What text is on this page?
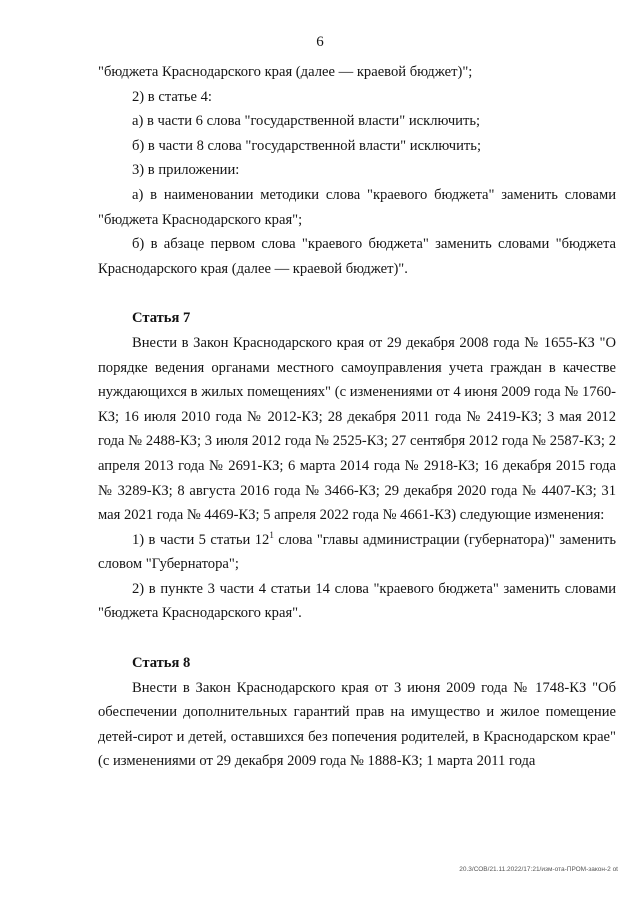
6

"бюджета Краснодарского края (далее — краевой бюджет)";

2) в статье 4:

а) в части 6 слова "государственной власти" исключить;

б) в части 8 слова "государственной власти" исключить;

3) в приложении:

а) в наименовании методики слова "краевого бюджета" заменить словами "бюджета Краснодарского края";

б) в абзаце первом слова "краевого бюджета" заменить словами "бюджета Краснодарского края (далее — краевой бюджет)".

Статья 7

Внести в Закон Краснодарского края от 29 декабря 2008 года № 1655-КЗ "О порядке ведения органами местного самоуправления учета граждан в качестве нуждающихся в жилых помещениях" (с изменениями от 4 июня 2009 года № 1760-КЗ; 16 июля 2010 года № 2012-КЗ; 28 декабря 2011 года № 2419-КЗ; 3 мая 2012 года № 2488-КЗ; 3 июля 2012 года № 2525-КЗ; 27 сентября 2012 года № 2587-КЗ; 2 апреля 2013 года № 2691-КЗ; 6 марта 2014 года № 2918-КЗ; 16 декабря 2015 года № 3289-КЗ; 8 августа 2016 года № 3466-КЗ; 29 декабря 2020 года № 4407-КЗ; 31 мая 2021 года № 4469-КЗ; 5 апреля 2022 года № 4661-КЗ) следующие изменения:

1) в части 5 статьи $12^1$ слова "главы администрации (губернатора)" заменить словом "Губернатора";

2) в пункте 3 части 4 статьи 14 слова "краевого бюджета" заменить словами "бюджета Краснодарского края".

Статья 8

Внести в Закон Краснодарского края от 3 июня 2009 года № 1748-КЗ "Об обеспечении дополнительных гарантий прав на имущество и жилое помещение детей-сирот и детей, оставшихся без попечения родителей, в Краснодарском крае" (с изменениями от 29 декабря 2009 года № 1888-КЗ; 1 марта 2011 года

20.3/СОВ/21.11.2022/17:21/изм-ота-ПРОМ-закон-2 ot
